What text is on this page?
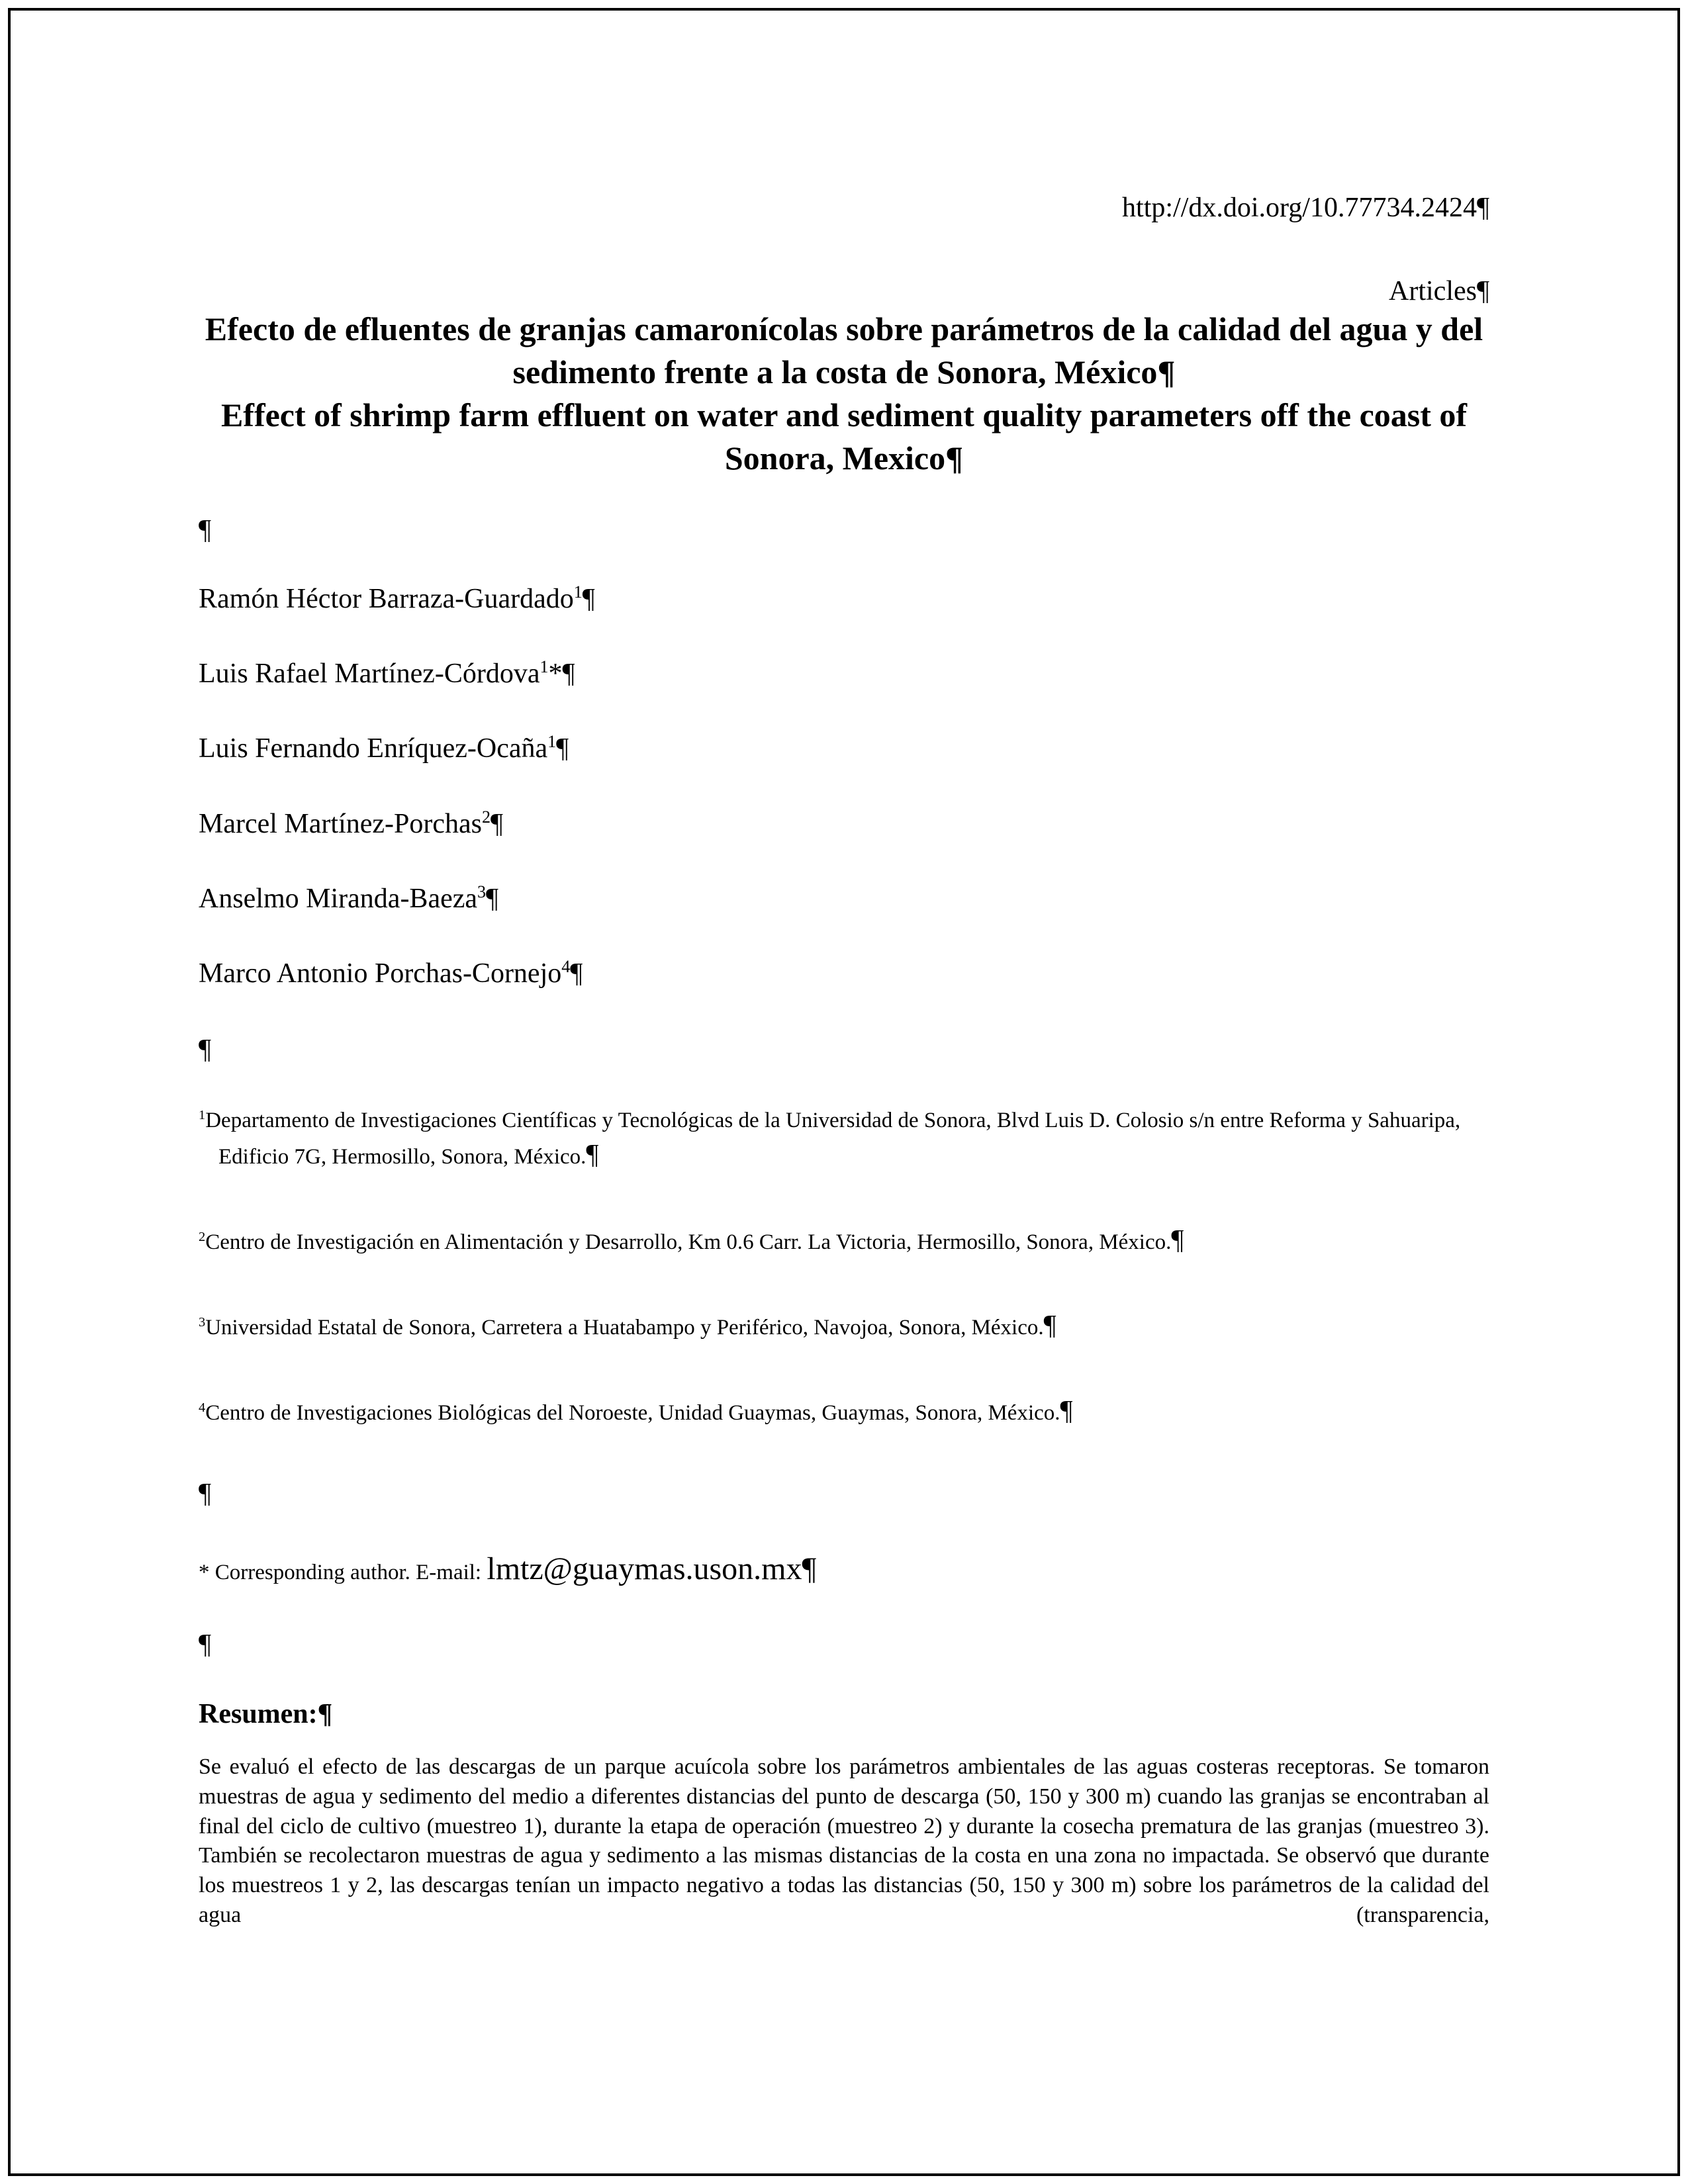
http://dx.doi.org/10.77734.2424¶

Articles¶

Efecto de efluentes de granjas camaronícolas sobre parámetros de la calidad del agua y del sedimento frente a la costa de Sonora, México¶
Effect of shrimp farm effluent on water and sediment quality parameters off the coast of Sonora, Mexico¶

¶

Ramón Héctor Barraza-Guardado$^1$¶

Luis Rafael Martínez-Córdova$^1$*¶

Luis Fernando Enríquez-Ocaña$^1$¶

Marcel Martínez-Porchas$^2$¶

Anselmo Miranda-Baeza$^3$¶

Marco Antonio Porchas-Cornejo$^4$¶

¶

$^1$Departamento de Investigaciones Científicas y Tecnológicas de la Universidad de Sonora, Blvd Luis D. Colosio s/n entre Reforma y Sahuaripa, Edificio 7G, Hermosillo, Sonora, México.¶

$^2$Centro de Investigación en Alimentación y Desarrollo, Km 0.6 Carr. La Victoria, Hermosillo, Sonora, México.¶

$^3$Universidad Estatal de Sonora, Carretera a Huatabampo y Periférico, Navojoa, Sonora, México.¶

$^4$Centro de Investigaciones Biológicas del Noroeste, Unidad Guaymas, Guaymas, Sonora, México.¶

¶

* Corresponding author. E-mail: lmtz@guaymas.uson.mx¶

¶

Resumen:¶

Se evaluó el efecto de las descargas de un parque acuícola sobre los parámetros ambientales de las aguas costeras receptoras. Se tomaron muestras de agua y sedimento del medio a diferentes distancias del punto de descarga (50, 150 y 300 m) cuando las granjas se encontraban al final del ciclo de cultivo (muestreo 1), durante la etapa de operación (muestreo 2) y durante la cosecha prematura de las granjas (muestreo 3). También se recolectaron muestras de agua y sedimento a las mismas distancias de la costa en una zona no impactada. Se observó que durante los muestreos 1 y 2, las descargas tenían un impacto negativo a todas las distancias (50, 150 y 300 m) sobre los parámetros de la calidad del agua (transparencia,
